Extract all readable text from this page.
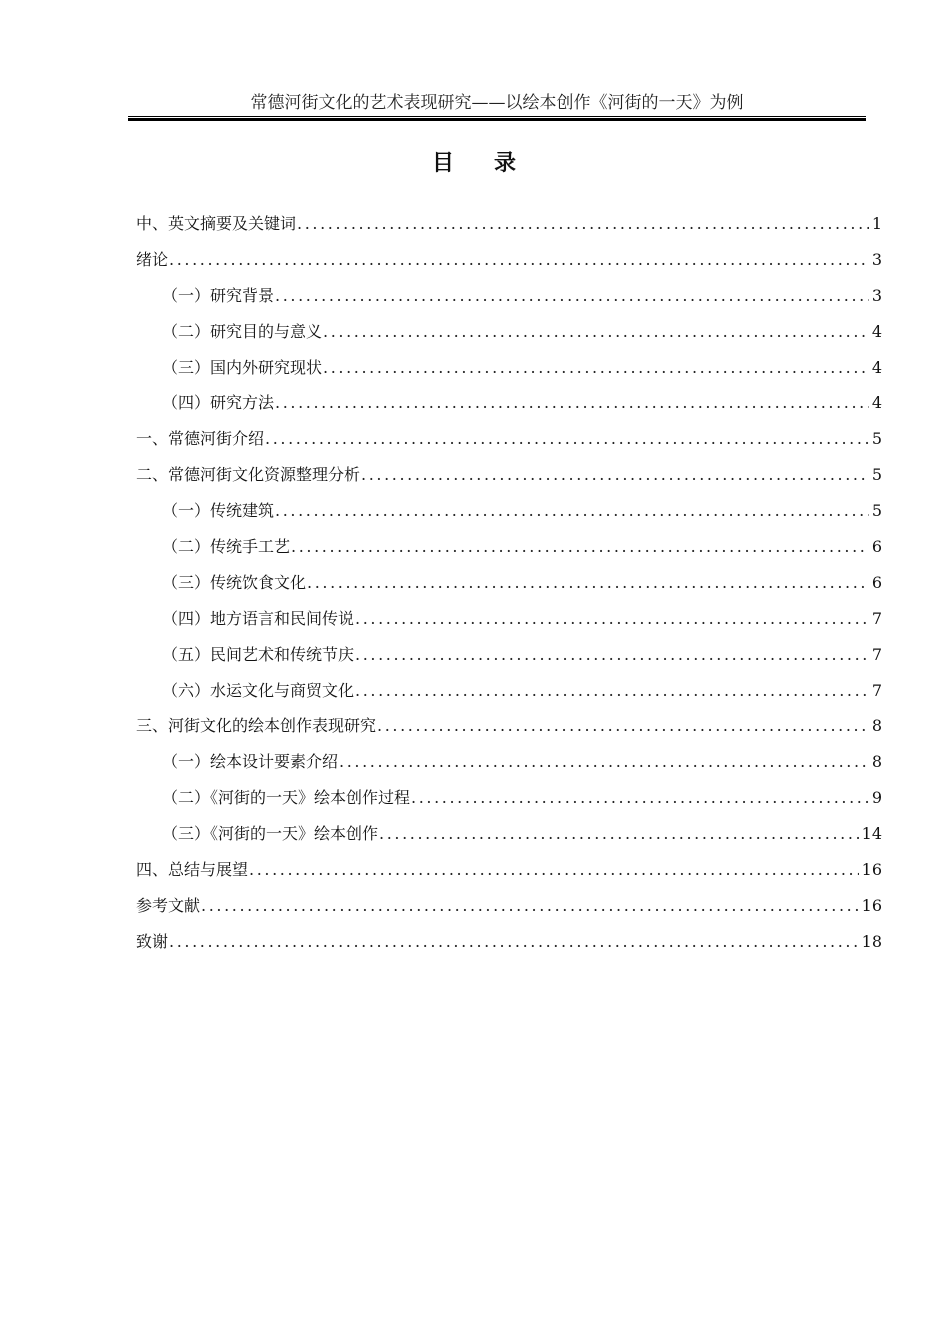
常德河街文化的艺术表现研究——以绘本创作《河街的一天》为例
目 录
中、英文摘要及关键词 .....	1
绪论 .....	3
（一）研究背景 .....	3
（二）研究目的与意义 .....	4
（三）国内外研究现状 .....	4
（四）研究方法 .....	4
一、常德河街介绍 .....	5
二、常德河街文化资源整理分析 .....	5
（一）传统建筑 .....	5
（二）传统手工艺 .....	6
（三）传统饮食文化 .....	6
（四）地方语言和民间传说 .....	7
（五）民间艺术和传统节庆 .....	7
（六）水运文化与商贸文化 .....	7
三、河街文化的绘本创作表现研究 .....	8
（一）绘本设计要素介绍 .....	8
（二）《河街的一天》绘本创作过程 .....	9
（三）《河街的一天》绘本创作 .....	14
四、总结与展望 .....	16
参考文献 .....	16
致谢 .....	18
